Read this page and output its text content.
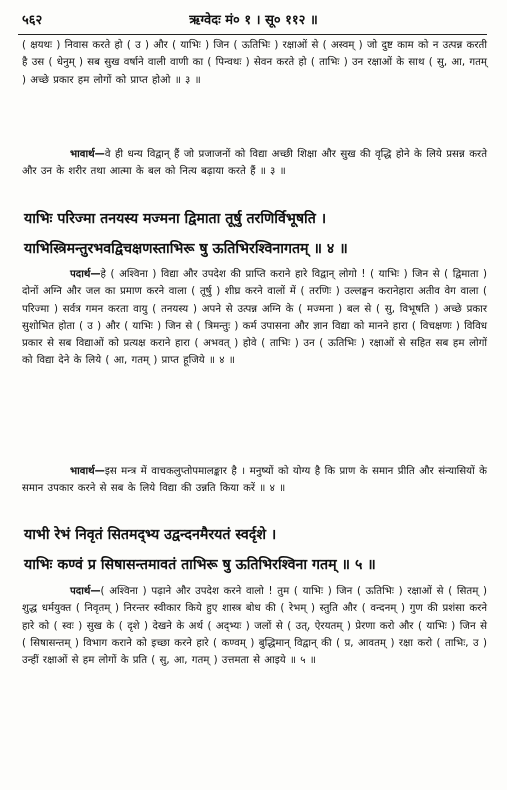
५६२	ऋग्वेदः मं० १ । सू० ११२ ॥

( क्षयथः ) निवास करते हो ( उ ) और ( याभिः ) जिन ( ऊतिभिः ) रक्षाओं से ( अस्वम् ) जो दुष्ट काम को न उत्पन्न करती है उस ( धेनुम् ) सब सुख वर्षाने वाली वाणी का ( पिन्वथः ) सेवन करते हो ( ताभिः ) उन रक्षाओं के साथ ( सु, आ, गतम् ) अच्छे प्रकार हम लोगों को प्राप्त होओ ॥ ३ ॥

भावार्थ—वे ही धन्य विद्वान् हैं जो प्रजाजनों को विद्या अच्छी शिक्षा और सुख की वृद्धि होने के लिये प्रसन्न करते और उन के शरीर तथा आत्मा के बल को नित्य बढ़ाया करते हैं ॥ ३ ॥

याभिः परिज्मा तनयस्य मज्मना द्विमाता तूर्षु तरणिर्विभूषति ।

याभिस्त्रिमन्तुरभवद्विचक्षणस्ताभिरू षु ऊतिभिरश्विनागतम् ॥ ४ ॥

पदार्थ—हे ( अश्विना ) विद्या और उपदेश की प्राप्ति कराने हारे विद्वान् लोगो ! ( याभिः ) जिन से ( द्विमाता ) दोनों अग्नि और जल का प्रमाण करने वाला ( तूर्षु ) शीघ्र करने वालों में ( तरणिः ) उल्लङ्घन करानेहारा अतीव वेग वाला ( परिज्मा ) सर्वत्र गमन करता वायु ( तनयस्य ) अपने से उत्पन्न अग्नि के ( मज्मना ) बल से ( सु, विभूषति ) अच्छे प्रकार सुशोभित होता ( उ ) और ( याभिः ) जिन से ( त्रिमन्तुः ) कर्म उपासना और ज्ञान विद्या को मानने हारा ( विचक्षणः ) विविध प्रकार से सब विद्याओं को प्रत्यक्ष कराने हारा ( अभवत् ) होवे ( ताभिः ) उन ( ऊतिभिः ) रक्षाओं से सहित सब हम लोगों को विद्या देने के लिये ( आ, गतम् ) प्राप्त हूजिये ॥ ४ ॥

भावार्थ—इस मन्त्र में वाचकलुप्तोपमालङ्कार है । मनुष्यों को योग्य है कि प्राण के समान प्रीति और संन्यासियों के समान उपकार करने से सब के लिये विद्या की उन्नति किया करें ॥ ४ ॥

याभी रेभं निवृतं सितमद्भ्य उद्वन्दनमैरयतं स्वर्दृशे ।

याभिः कण्वं प्र सिषासन्तमावतं ताभिरू षु ऊतिभिरश्विना गतम् ॥ ५ ॥

पदार्थ—( अश्विना ) पढ़ाने और उपदेश करने वालो ! तुम ( याभिः ) जिन ( ऊतिभिः ) रक्षाओं से ( सितम् ) शुद्ध धर्मयुक्त ( निवृतम् ) निरन्तर स्वीकार किये हुए शास्त्र बोध की ( रेभम् ) स्तुति और ( वन्दनम् ) गुण की प्रशंसा करने हारे को ( स्वः ) सुख के ( दृशे ) देखने के अर्थ ( अद्भ्यः ) जलों से ( उत्, ऐरयतम् ) प्रेरणा करो और ( याभिः ) जिन से ( सिषासन्तम् ) विभाग कराने को इच्छा करने हारे ( कण्वम् ) बुद्धिमान् विद्वान् की ( प्र, आवतम् ) रक्षा करो ( ताभिः, उ ) उन्हीं रक्षाओं से हम लोगों के प्रति ( सु, आ, गतम् ) उत्तमता से आइये ॥ ५ ॥
